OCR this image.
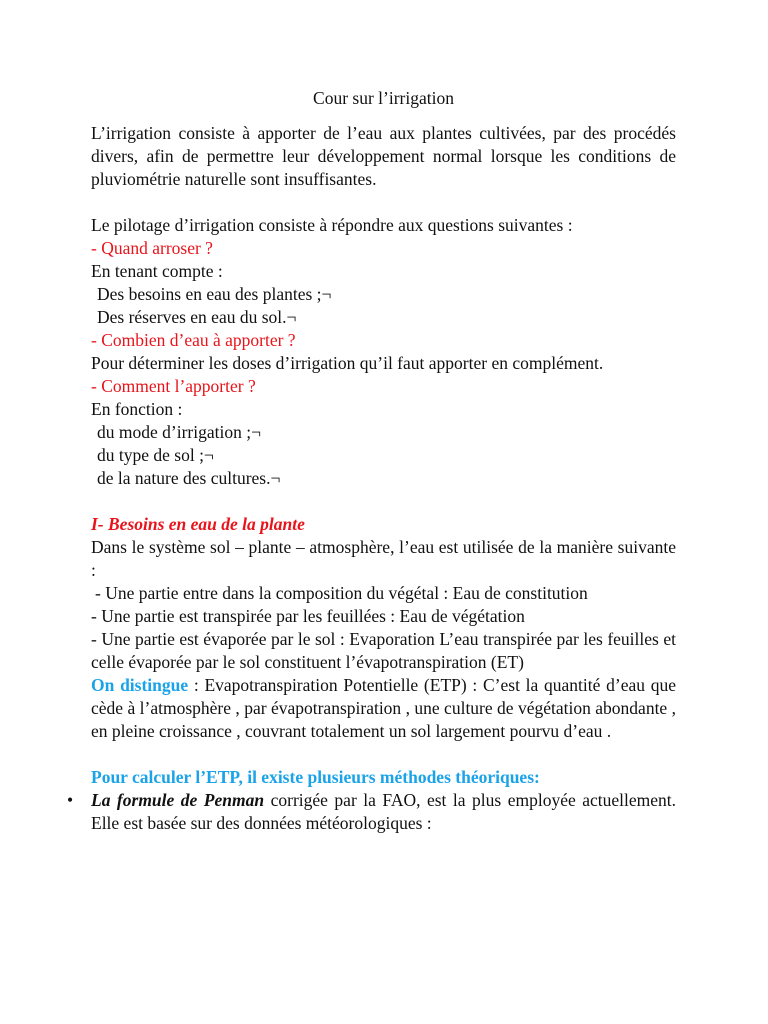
Cour sur l’irrigation

L’irrigation consiste à apporter de l’eau aux plantes cultivées, par des procédés divers, afin de permettre leur développement normal lorsque les conditions de pluviométrie naturelle sont insuffisantes.

Le pilotage d’irrigation consiste à répondre aux questions suivantes :

- Quand arroser ?

En tenant compte :

Des besoins en eau des plantes ;¬

Des réserves en eau du sol.¬

- Combien d’eau à apporter ?

Pour déterminer les doses d’irrigation qu’il faut apporter en complément.

- Comment l’apporter ?

En fonction :

du mode d’irrigation ;¬

du type de sol ;¬

de la nature des cultures.¬

I- Besoins en eau de la plante

Dans le système sol – plante – atmosphère, l’eau est utilisée de la manière suivante :

- Une partie entre dans la composition du végétal : Eau de constitution

- Une partie est transpirée par les feuillées : Eau de végétation

- Une partie est évaporée par le sol : Evaporation L’eau transpirée par les feuilles et celle évaporée par le sol constituent l’évapotranspiration (ET)

On distingue : Evapotranspiration Potentielle (ETP) : C’est la quantité d’eau que cède à l’atmosphère , par évapotranspiration , une culture de végétation abondante , en pleine croissance , couvrant totalement un sol largement pourvu d’eau .

Pour calculer l’ETP, il existe plusieurs méthodes théoriques:

• La formule de Penman corrigée par la FAO, est la plus employée actuellement. Elle est basée sur des données météorologiques :
